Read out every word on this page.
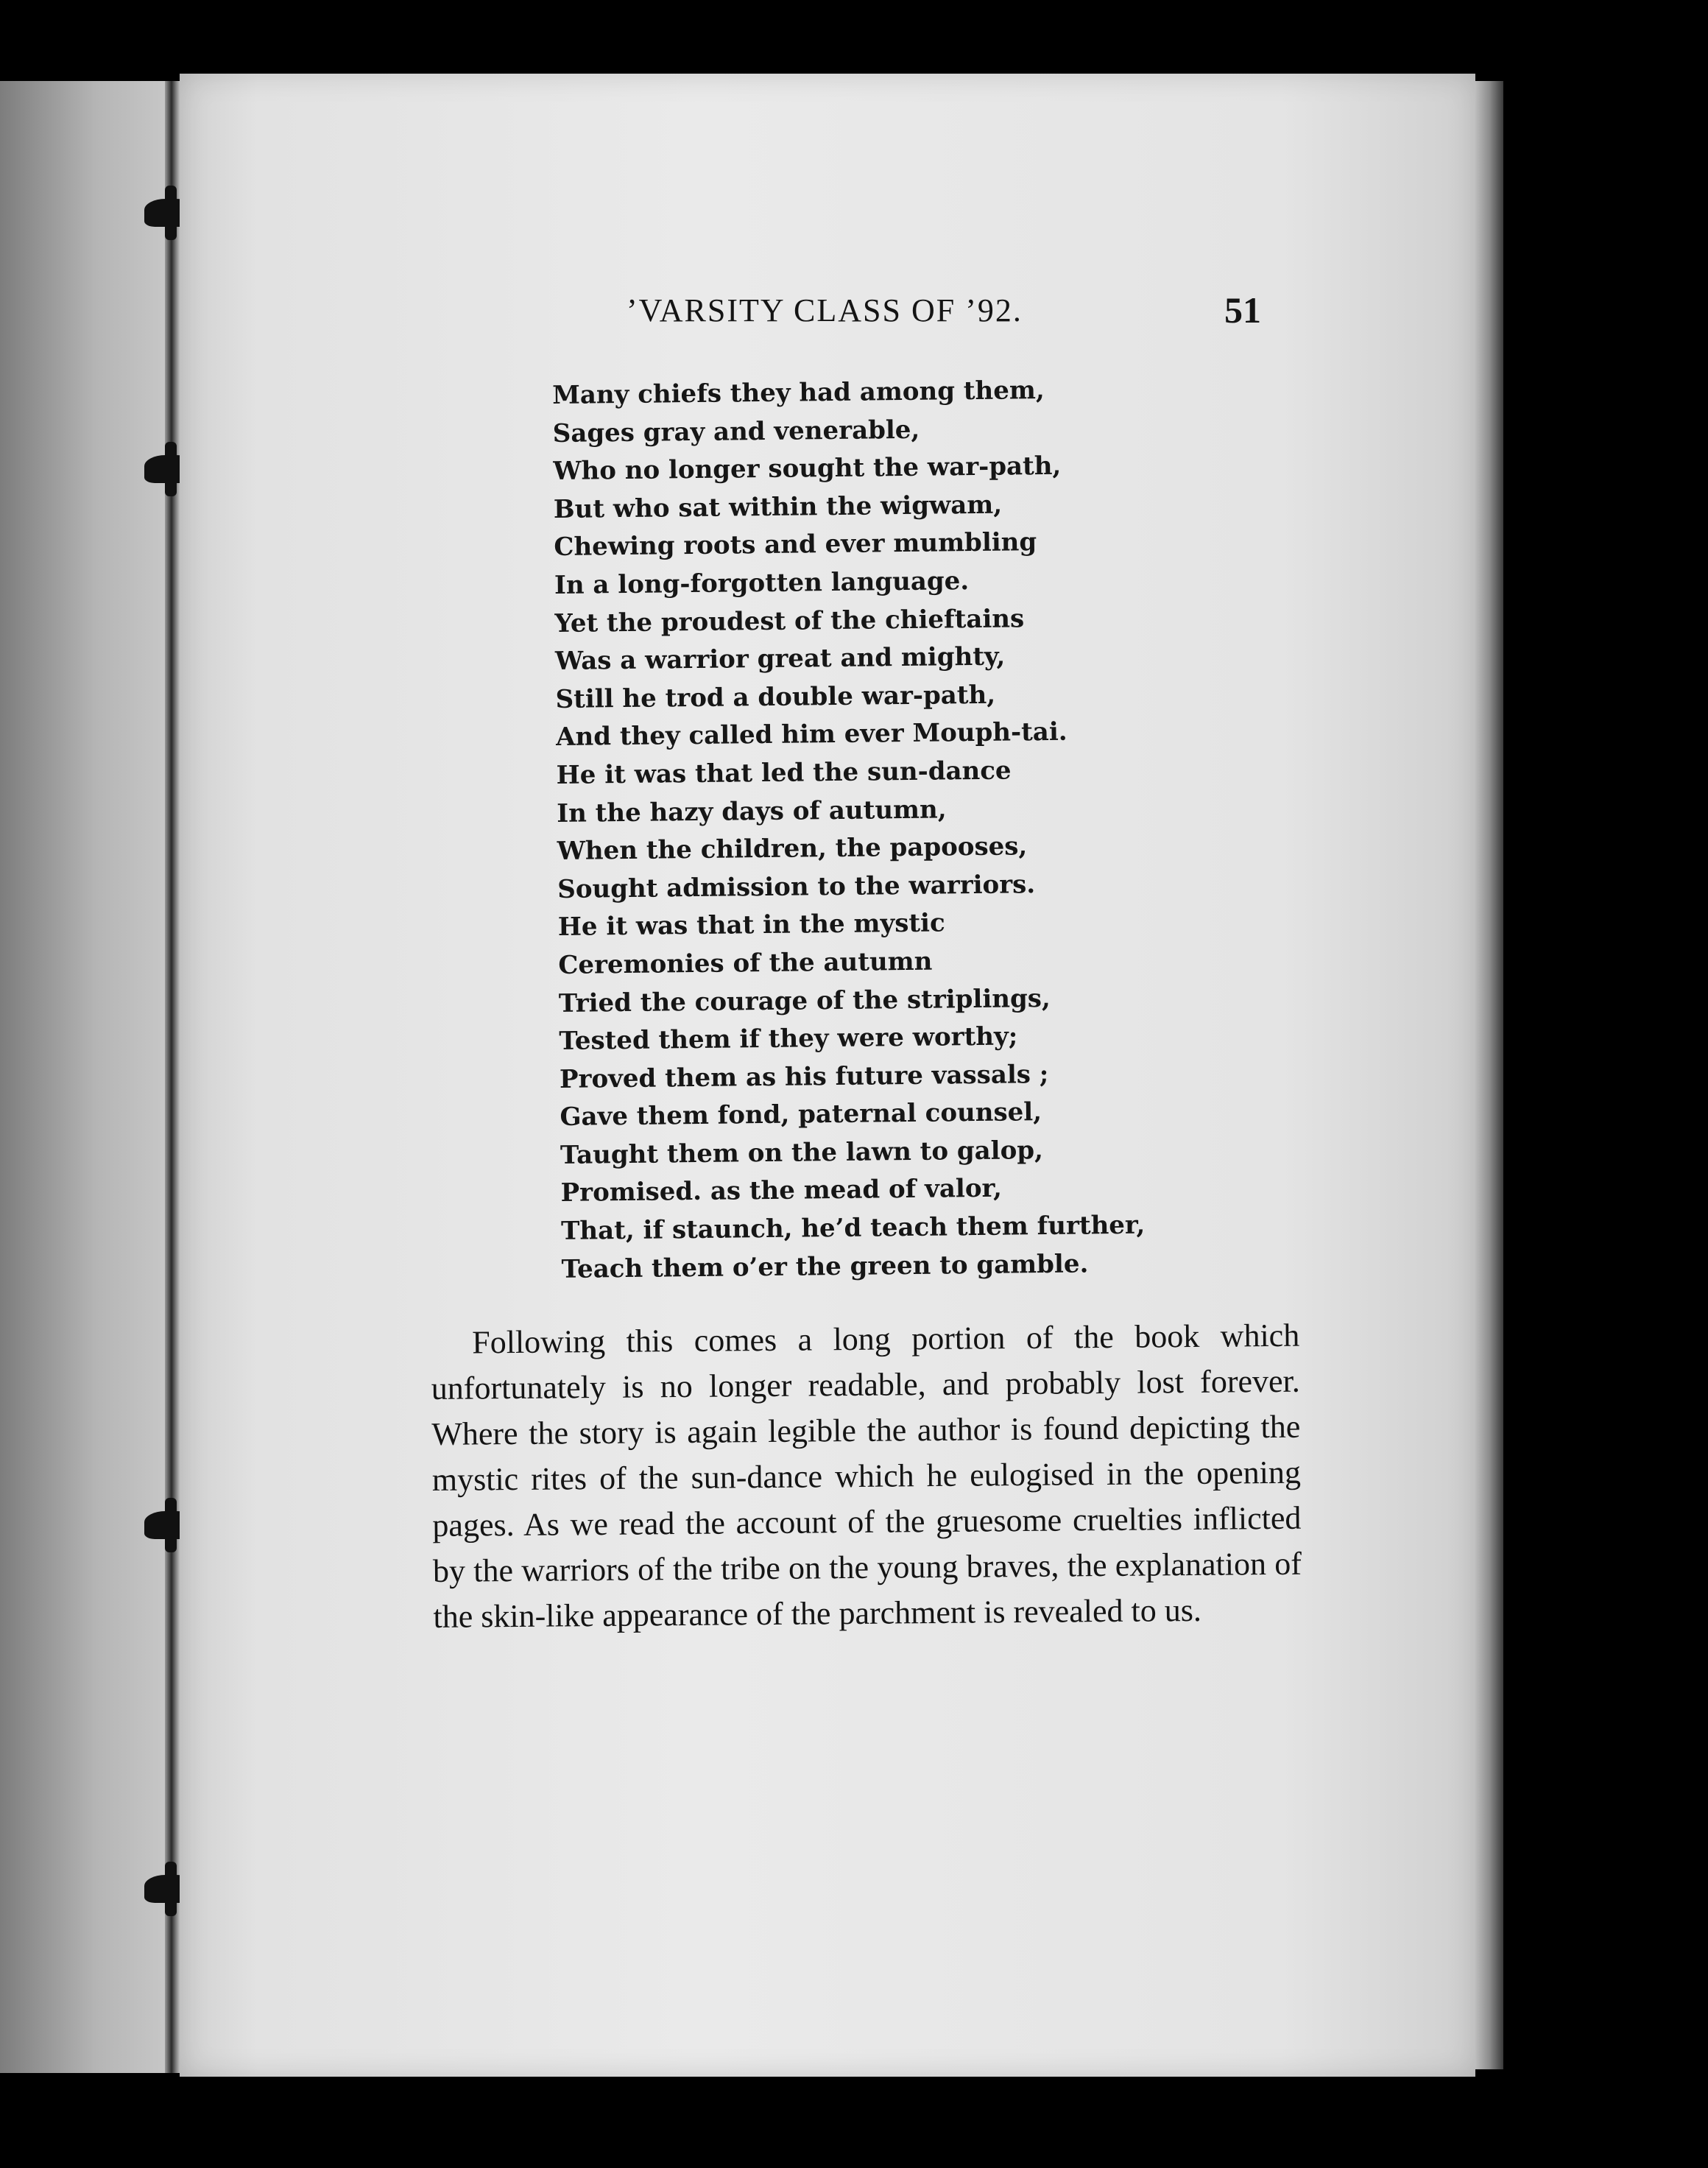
’VARSITY CLASS OF ’92.	51
Many chiefs they had among them,
Sages gray and venerable,
Who no longer sought the war-path,
But who sat within the wigwam,
Chewing roots and ever mumbling
In a long-forgotten language.
Yet the proudest of the chieftains
Was a warrior great and mighty,
Still he trod a double war-path,
And they called him ever Mouph-tai.
He it was that led the sun-dance
In the hazy days of autumn,
When the children, the papooses,
Sought admission to the warriors.
He it was that in the mystic
Ceremonies of the autumn
Tried the courage of the striplings,
Tested them if they were worthy;
Proved them as his future vassals ;
Gave them fond, paternal counsel,
Taught them on the lawn to galop,
Promised. as the mead of valor,
That, if staunch, he’d teach them further,
Teach them o’er the green to gamble.

Following this comes a long portion of the book which unfortunately is no longer readable, and probably lost forever. Where the story is again legible the author is found depicting the mystic rites of the sun-dance which he eulogised in the opening pages. As we read the account of the gruesome cruelties inflicted by the warriors of the tribe on the young braves, the explanation of the skin-like appearance of the parchment is revealed to us.
